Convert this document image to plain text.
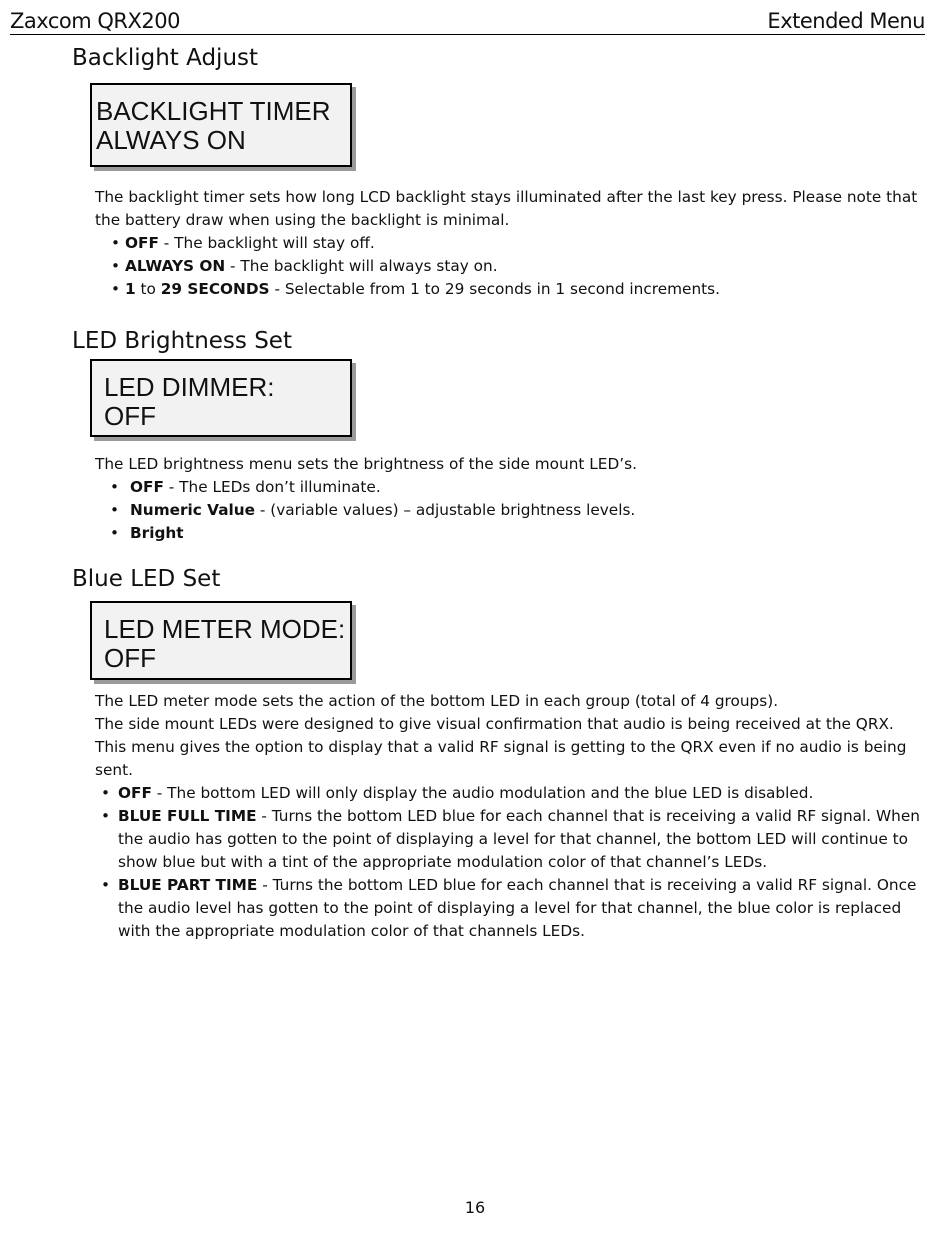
Zaxcom QRX200	Extended Menu
Backlight Adjust
BACKLIGHT TIMER
ALWAYS ON

The backlight timer sets how long LCD backlight stays illuminated after the last key press. Please note that the battery draw when using the backlight is minimal.

• OFF - The backlight will stay off.
• ALWAYS ON - The backlight will always stay on.
• 1 to 29 SECONDS - Selectable from 1 to 29 seconds in 1 second increments.
LED Brightness Set
LED DIMMER:
OFF

The LED brightness menu sets the brightness of the side mount LED’s.

• OFF - The LEDs don’t illuminate.
• Numeric Value - (variable values) – adjustable brightness levels.
• Bright
Blue LED Set
LED METER MODE:
OFF

The LED meter mode sets the action of the bottom LED in each group (total of 4 groups).

The side mount LEDs were designed to give visual confirmation that audio is being received at the QRX. This menu gives the option to display that a valid RF signal is getting to the QRX even if no audio is being sent.

• OFF - The bottom LED will only display the audio modulation and the blue LED is disabled.
• BLUE FULL TIME - Turns the bottom LED blue for each channel that is receiving a valid RF signal. When the audio has gotten to the point of displaying a level for that channel, the bottom LED will continue to show blue but with a tint of the appropriate modulation color of that channel’s LEDs.
• BLUE PART TIME - Turns the bottom LED blue for each channel that is receiving a valid RF signal. Once the audio level has gotten to the point of displaying a level for that channel, the blue color is replaced with the appropriate modulation color of that channels LEDs.
16
